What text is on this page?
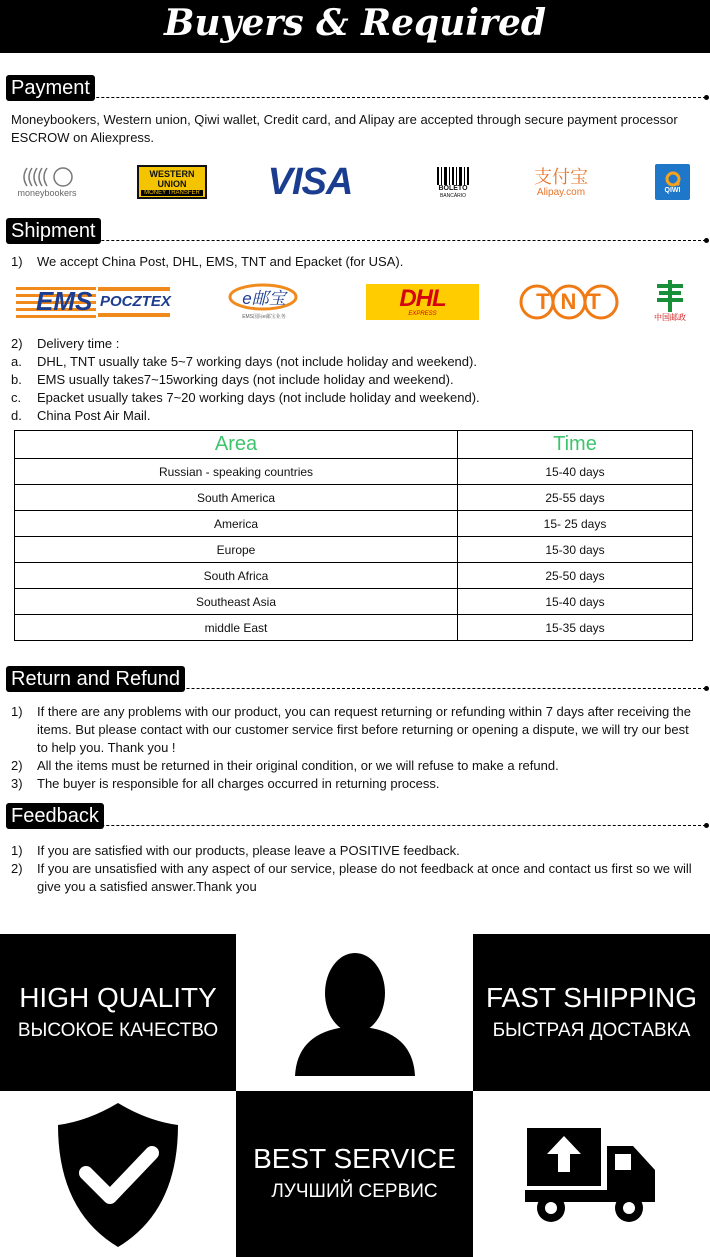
Buyers & Required
Payment
Moneybookers, Western union, Qiwi wallet, Credit card, and Alipay are accepted through secure payment processor ESCROW on Aliexpress.
moneybookers
WESTERN
UNION
MONEY TRANSFER VISA	BOLETO
BANCÁRIO
支付宝
Alipay.com	QIWI
Shipment
1)	We accept China Post, DHL, EMS, TNT and Epacket (for USA).
EMS POCZTEX	e邮宝
EMS国际e邮宝业务
DHL
EXPRESS	TNT
中国邮政
2)	Delivery time :
a.	DHL, TNT usually take 5~7 working days (not include holiday and weekend).
b.	EMS usually takes7~15working days (not include holiday and weekend).
c.	Epacket usually takes 7~20 working days (not include holiday and weekend).
d.	China Post Air Mail.
Area	Time
Russian - speaking countries	15-40 days
South America	25-55 days
America	15- 25 days
Europe	15-30 days
South Africa	25-50 days
Southeast Asia	15-40 days
middle East	15-35 days
Return and Refund
1)	If there are any problems with our product, you can request returning or refunding within 7 days after receiving the items. But please contact with our customer service first before returning or opening a dispute, we will try our best to help you. Thank you !
2)	All the items must be returned in their original condition, or we will refuse to make a refund.
3)	The buyer is responsible for all charges occurred in returning process.
Feedback
1)	If you are satisfied with our products, please leave a POSITIVE feedback.
2)	If you are unsatisfied with any aspect of our service, please do not feedback at once and contact us first so we will give you a satisfied answer.Thank you
HIGH QUALITY
ВЫСОКОЕ КАЧЕСТВО
FAST SHIPPING
БЫСТРАЯ ДОСТАВКА
BEST SERVICE
ЛУЧШИЙ СЕРВИС
